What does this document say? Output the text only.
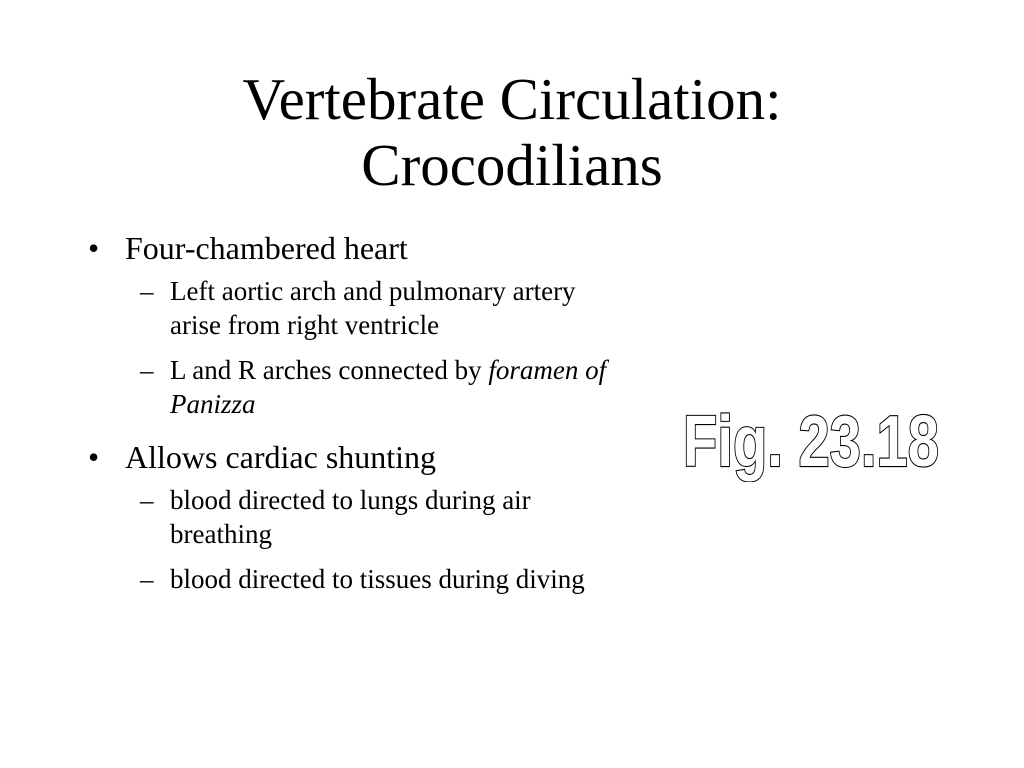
Vertebrate Circulation:
Crocodilians
• Four-chambered heart
– Left aortic arch and pulmonary artery arise from right ventricle
– L and R arches connected by foramen of Panizza
• Allows cardiac shunting
– blood directed to lungs during air breathing
– blood directed to tissues during diving
Fig. 23.18
